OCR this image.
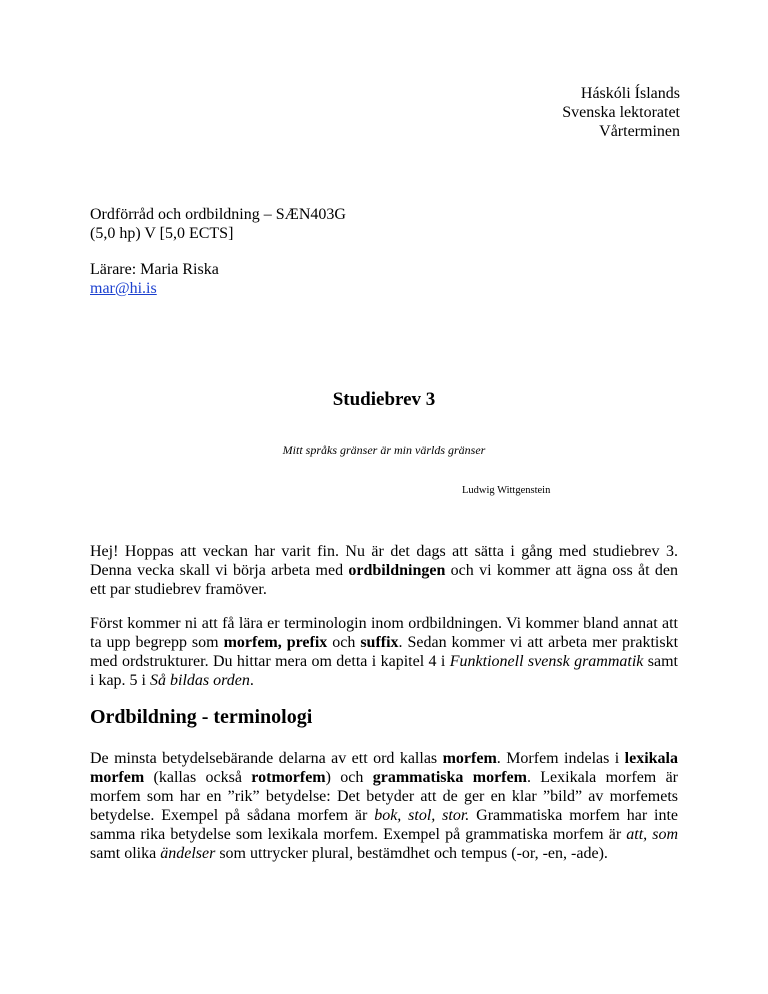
Háskóli Íslands
Svenska lektoratet
Vårterminen
Ordförråd och ordbildning – SÆN403G
(5,0 hp) V [5,0 ECTS]
Lärare: Maria Riska
mar@hi.is
Studiebrev 3
Mitt språks gränser är min världs gränser
Ludwig Wittgenstein
Hej! Hoppas att veckan har varit fin. Nu är det dags att sätta i gång med studiebrev 3. Denna vecka skall vi börja arbeta med ordbildningen och vi kommer att ägna oss åt den ett par studiebrev framöver.
Först kommer ni att få lära er terminologin inom ordbildningen. Vi kommer bland annat att ta upp begrepp som morfem, prefix och suffix. Sedan kommer vi att arbeta mer praktiskt med ordstrukturer. Du hittar mera om detta i kapitel 4 i Funktionell svensk grammatik samt i kap. 5 i Så bildas orden.
Ordbildning - terminologi
De minsta betydelsebärande delarna av ett ord kallas morfem. Morfem indelas i lexikala morfem (kallas också rotmorfem) och grammatiska morfem. Lexikala morfem är morfem som har en ”rik” betydelse: Det betyder att de ger en klar ”bild” av morfemets betydelse. Exempel på sådana morfem är bok, stol, stor. Grammatiska morfem har inte samma rika betydelse som lexikala morfem. Exempel på grammatiska morfem är att, som samt olika ändelser som uttrycker plural, bestämdhet och tempus (-or, -en, -ade).
